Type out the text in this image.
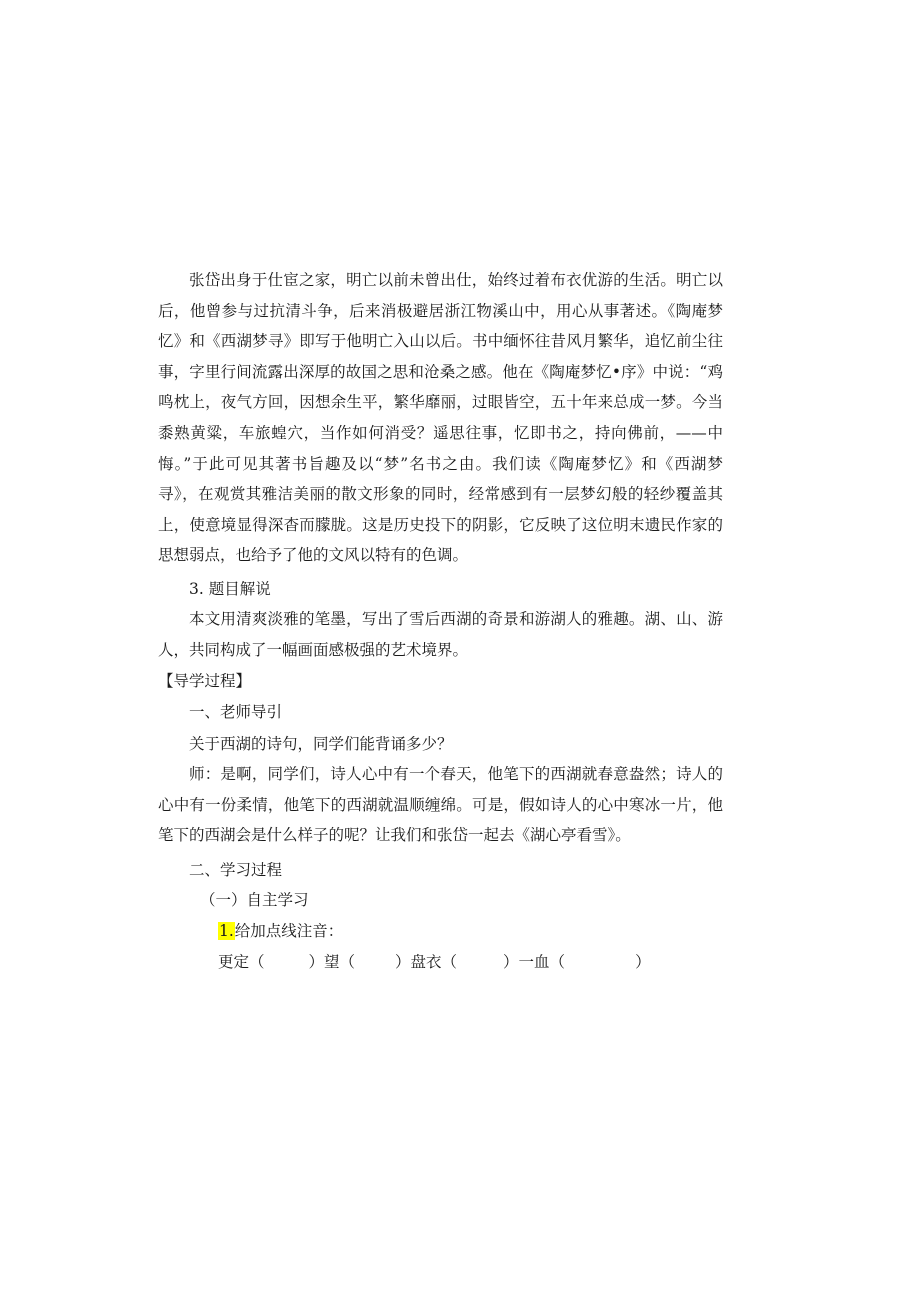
张岱出身于仕宦之家，明亡以前未曾出仕，始终过着布衣优游的生活。明亡以后，他曾参与过抗清斗争，后来消极避居浙江物溪山中，用心从事著述。《陶庵梦忆》和《西湖梦寻》即写于他明亡入山以后。书中缅怀往昔风月繁华，追忆前尘往事，字里行间流露出深厚的故国之思和沧桑之感。他在《陶庵梦忆•序》中说：“鸡鸣枕上，夜气方回，因想余生平，繁华靡丽，过眼皆空，五十年来总成一梦。今当黍熟黄粱，车旅蝗穴，当作如何消受？遥思往事，忆即书之，持向佛前，——中悔。”于此可见其著书旨趣及以“梦”名书之由。我们读《陶庵梦忆》和《西湖梦寻》，在观赏其雅洁美丽的散文形象的同时，经常感到有一层梦幻般的轻纱覆盖其上，使意境显得深杳而朦胧。这是历史投下的阴影，它反映了这位明末遗民作家的思想弱点，也给予了他的文风以特有的色调。

3. 题目解说

本文用清爽淡雅的笔墨，写出了雪后西湖的奇景和游湖人的雅趣。湖、山、游人，共同构成了一幅画面感极强的艺术境界。

【导学过程】

一、老师导引

关于西湖的诗句，同学们能背诵多少？

师：是啊，同学们，诗人心中有一个春天，他笔下的西湖就春意盎然；诗人的心中有一份柔情，他笔下的西湖就温顺缠绵。可是，假如诗人的心中寒冰一片，他笔下的西湖会是什么样子的呢？让我们和张岱一起去《湖心亭看雪》。

二、学习过程

（一）自主学习

1.给加点线注音：

更定（	）望（	）盘衣（	）一血（	）
